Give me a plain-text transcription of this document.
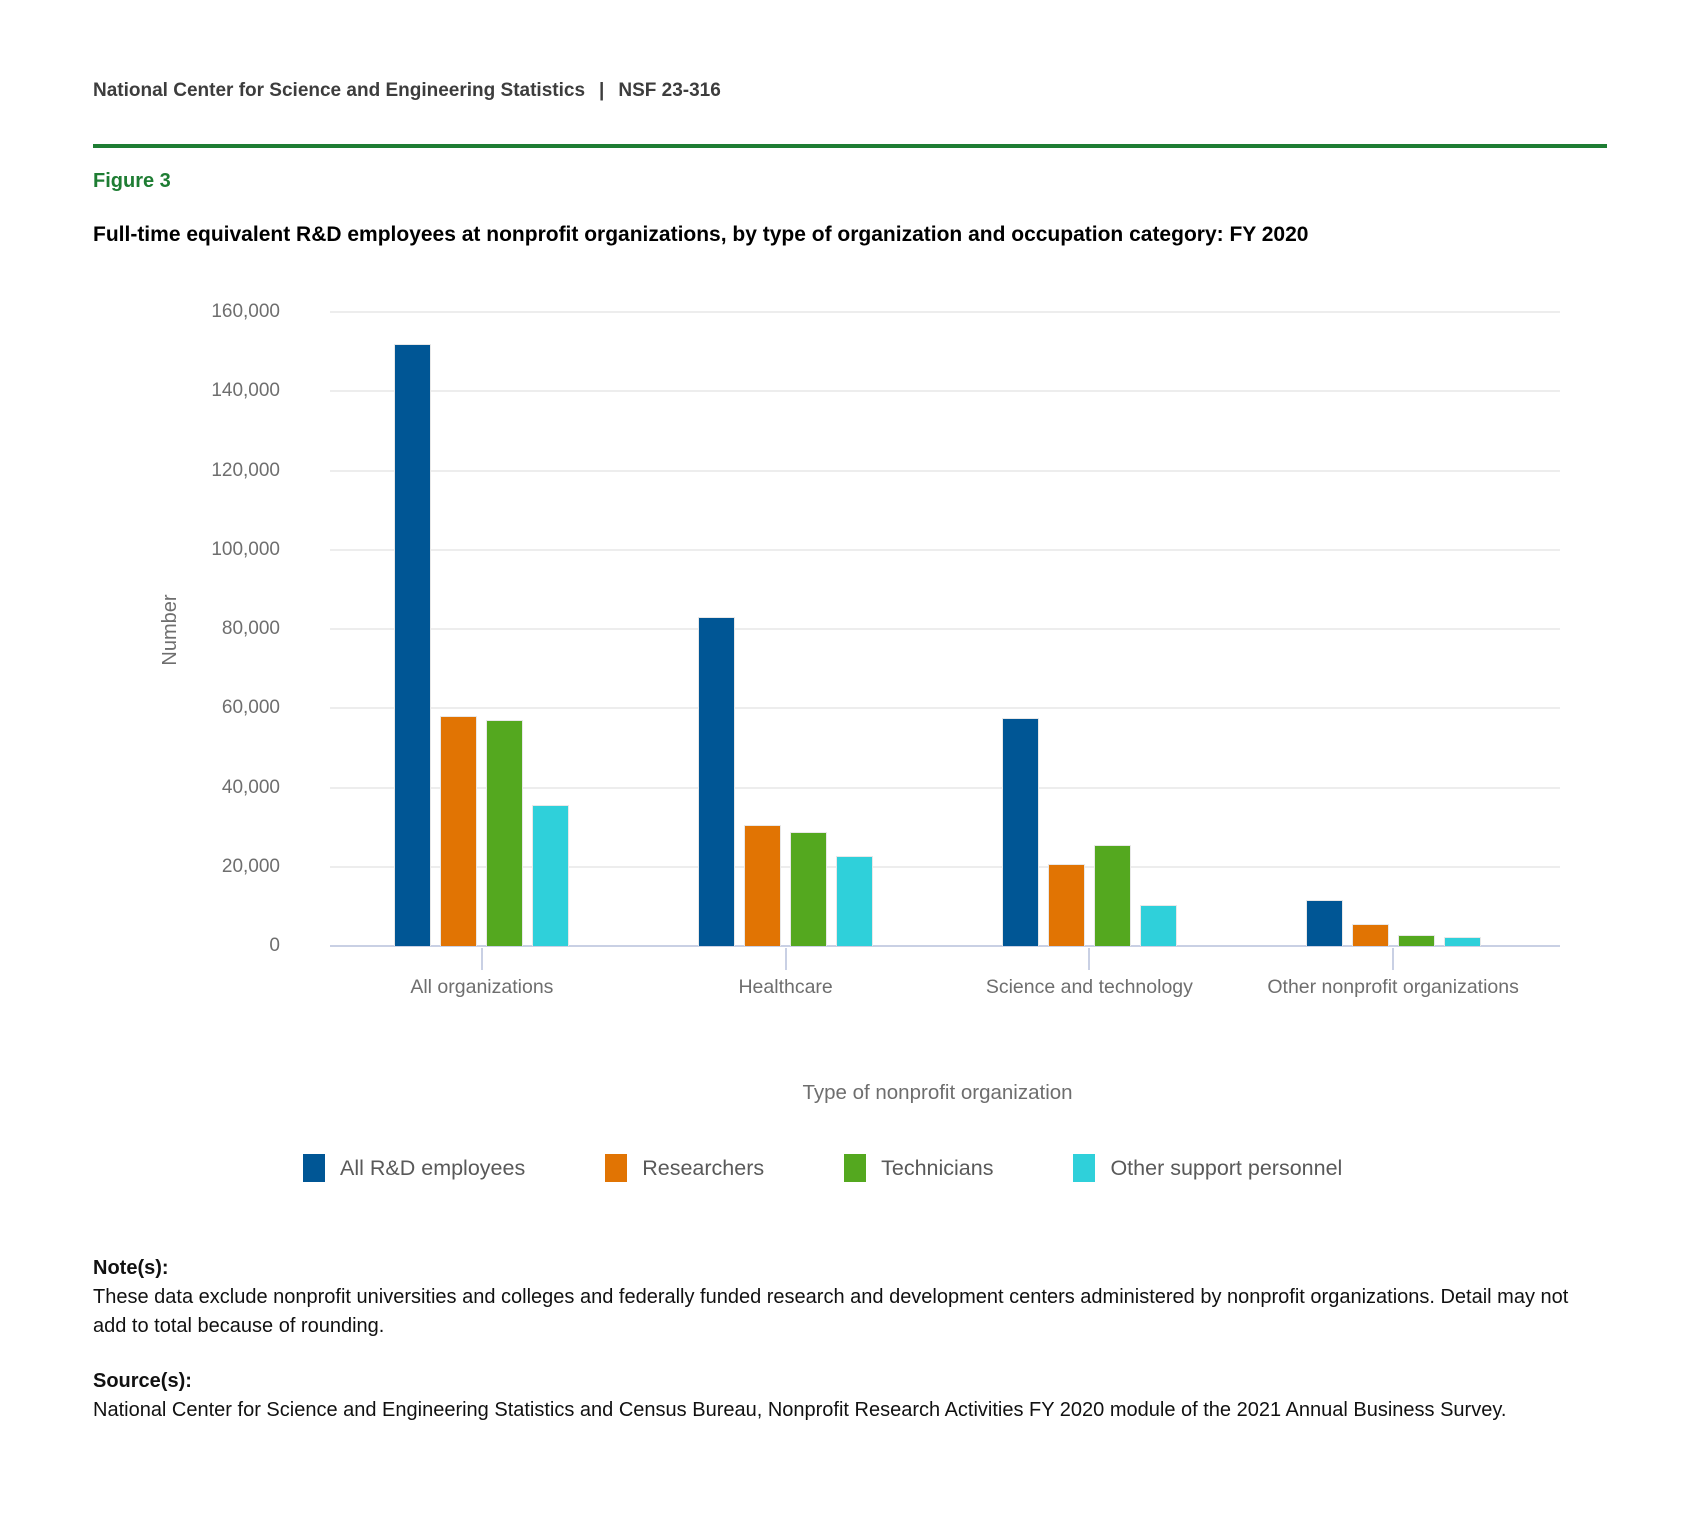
National Center for Science and Engineering Statistics | NSF 23-316
Figure 3
Full-time equivalent R&D employees at nonprofit organizations, by type of organization and occupation category: FY 2020
Number
0
20,000
40,000
60,000
80,000
100,000
120,000
140,000
160,000
All organizations	Healthcare	Science and technology	Other nonprofit organizations
Type of nonprofit organization
All R&D employees	Researchers	Technicians	Other support personnel
Note(s):
These data exclude nonprofit universities and colleges and federally funded research and development centers administered by nonprofit organizations. Detail may not add to total because of rounding.
Source(s):
National Center for Science and Engineering Statistics and Census Bureau, Nonprofit Research Activities FY 2020 module of the 2021 Annual Business Survey.
